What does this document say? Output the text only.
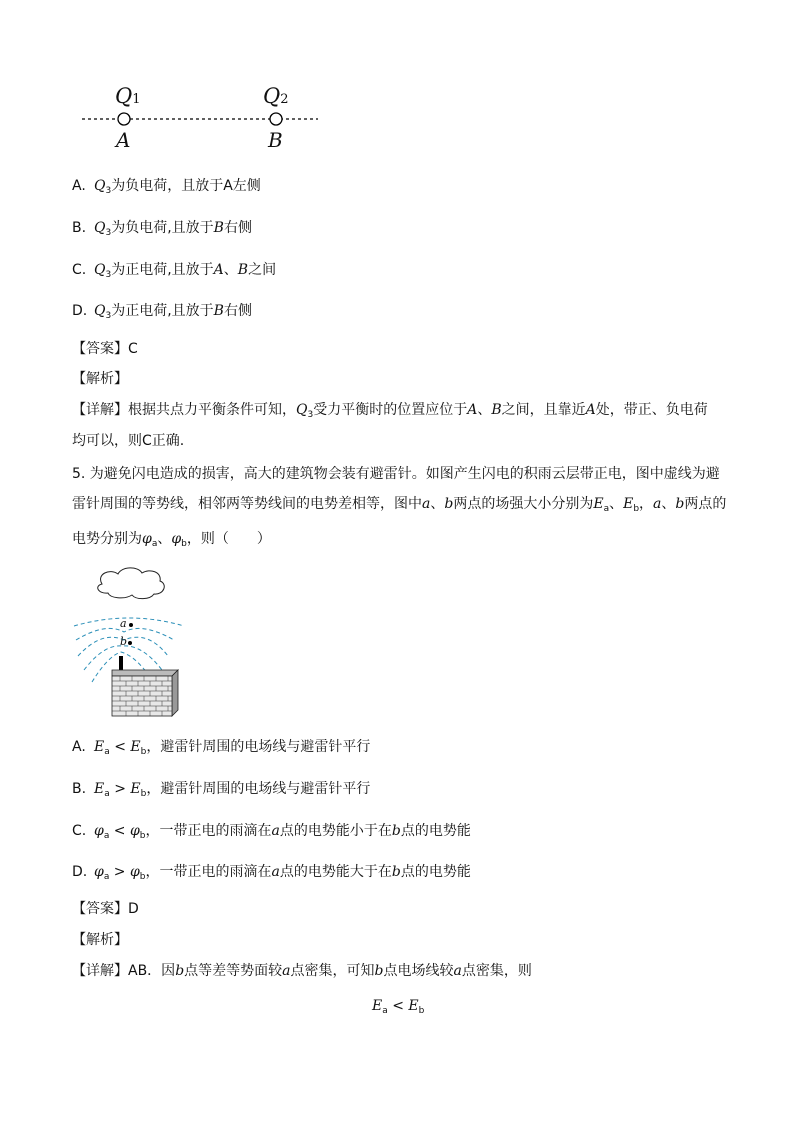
Q1	Q2
A	B
A. $Q_3$为负电荷，且放于A左侧
B. $Q_3$为负电荷,且放于B右侧
C. $Q_3$为正电荷,且放于A、B之间
D. $Q_3$为正电荷,且放于B右侧
【答案】C
【解析】
【详解】根据共点力平衡条件可知，$Q_3$受力平衡时的位置应位于A、B之间，且靠近A处，带正、负电荷
均可以，则C正确.
5. 为避免闪电造成的损害，高大的建筑物会装有避雷针。如图产生闪电的积雨云层带正电，图中虚线为避
雷针周围的等势线，相邻两等势线间的电势差相等，图中a、b两点的场强大小分别为$E_a$、$E_b$，a、b两点的
电势分别为$\varphi_a$、$\varphi_b$，则（　　）
a
b
A. $E_a < E_b$，避雷针周围的电场线与避雷针平行
B. $E_a > E_b$，避雷针周围的电场线与避雷针平行
C. $\varphi_a < \varphi_b$，一带正电的雨滴在a点的电势能小于在b点的电势能
D. $\varphi_a > \varphi_b$，一带正电的雨滴在a点的电势能大于在b点的电势能
【答案】D
【解析】
【详解】AB．因b点等差等势面较a点密集，可知b点电场线较a点密集，则
$E_a < E_b$
